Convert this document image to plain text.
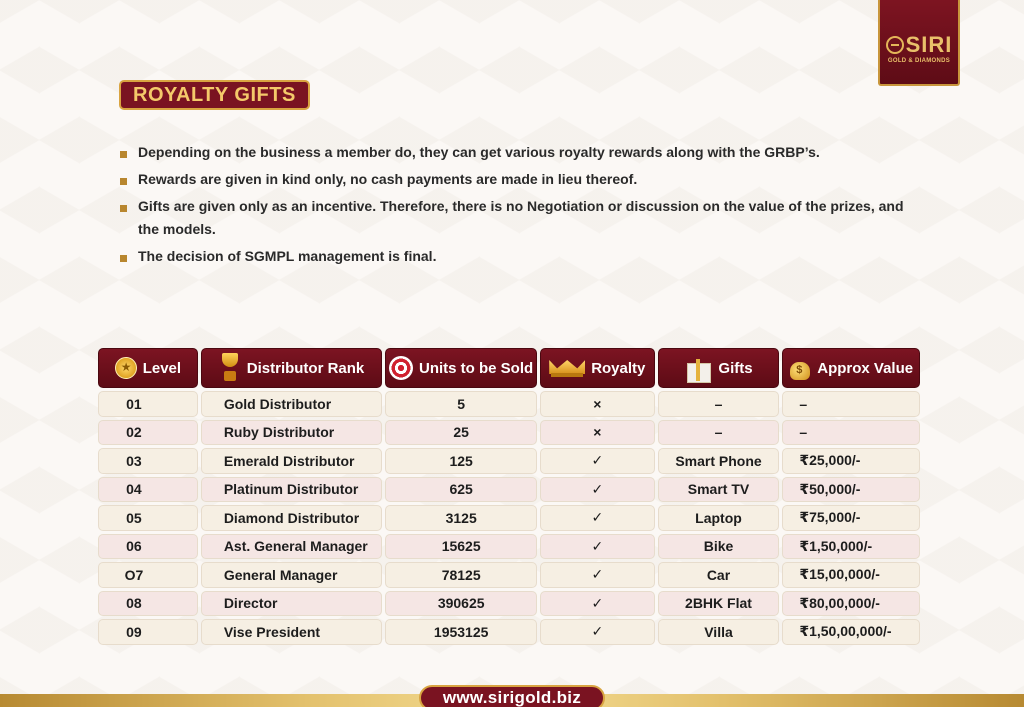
SIRI
GOLD & DIAMONDS
ROYALTY GIFTS
Depending on the business a member do, they can get various royalty rewards along with the GRBP’s.
Rewards are given in kind only, no cash payments are made in lieu thereof.
Gifts are given only as an incentive. Therefore, there is no Negotiation or discussion on the value of the prizes, and the models.
The decision of SGMPL management is final.
★
Level	Distributor Rank	Units to be Sold	Royalty	Gifts
$	Approx Value
01	Gold Distributor	5	×	–	–
02	Ruby Distributor	25	×	–	–
03	Emerald Distributor	125	✓	Smart Phone	₹25,000/-
04	Platinum Distributor	625	✓	Smart TV	₹50,000/-
05	Diamond Distributor	3125	✓	Laptop	₹75,000/-
06	Ast. General Manager	15625	✓	Bike	₹1,50,000/-
O7	General Manager	78125	✓	Car	₹15,00,000/-
08	Director	390625	✓	2BHK Flat	₹80,00,000/-
09	Vise President	1953125	✓	Villa	₹1,50,00,000/-
www.sirigold.biz
